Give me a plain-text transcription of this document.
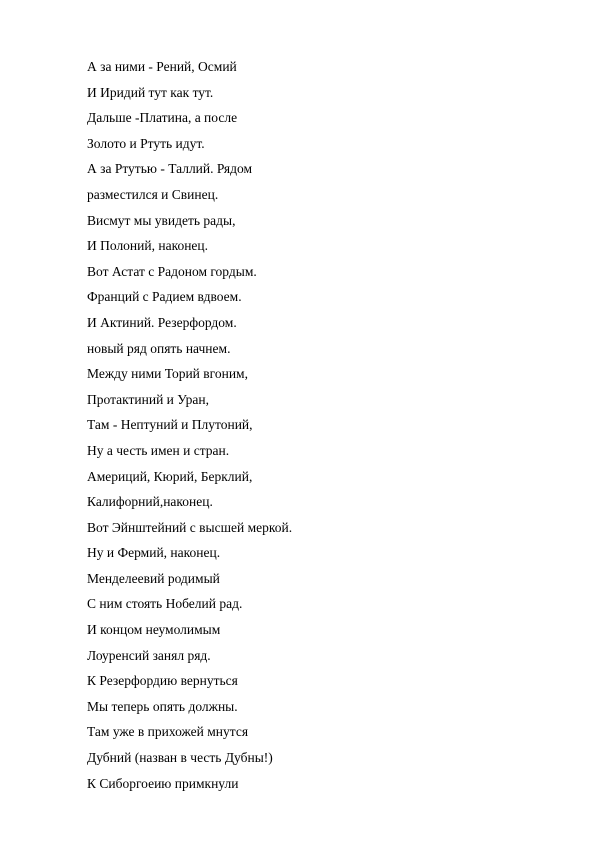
А за ними - Рений, Осмий
И Иридий тут как тут.
Дальше -Платина, а после
Золото и Ртуть идут.
А за Ртутью - Таллий. Рядом
разместился и Свинец.
Висмут мы увидеть рады,
И Полоний, наконец.
Вот Астат с Радоном гордым.
Франций с Радием вдвоем.
И Актиний. Резерфордом.
новый ряд опять начнем.
Между ними Торий вгоним,
Протактиний и Уран,
Там - Нептуний и Плутоний,
Ну а честь имен и стран.
Америций, Кюрий, Берклий,
Калифорний,наконец.
Вот Эйнштейний с высшей меркой.
Ну и Фермий, наконец.
Менделеевий родимый
С ним стоять Нобелий рад.
И концом неумолимым
Лоуренсий занял ряд.
К Резерфордию вернуться
Мы теперь опять должны.
Там уже в прихожей мнутся
Дубний (назван в честь Дубны!)
К Сиборгоеию примкнули
